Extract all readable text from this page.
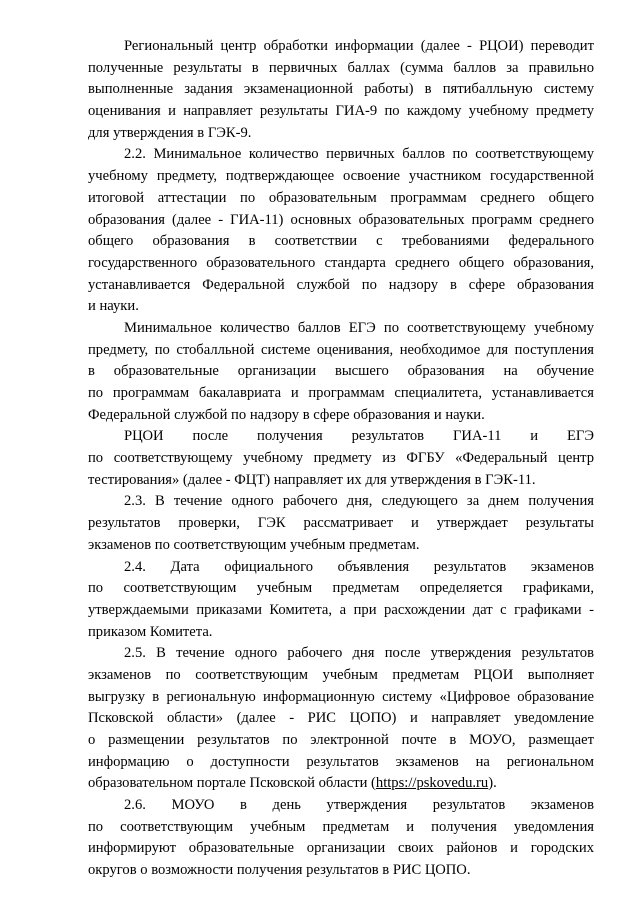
Региональный центр обработки информации (далее - РЦОИ) переводит
полученные результаты в первичных баллах (сумма баллов за правильно
выполненные задания экзаменационной работы) в пятибалльную систему
оценивания и направляет результаты ГИА-9 по каждому учебному предмету
для утверждения в ГЭК-9.
2.2. Минимальное количество первичных баллов по соответствующему
учебному предмету, подтверждающее освоение участником государственной
итоговой аттестации по образовательным программам среднего общего
образования (далее - ГИА-11) основных образовательных программ среднего
общего образования в соответствии с требованиями федерального
государственного образовательного стандарта среднего общего образования,
устанавливается Федеральной службой по надзору в сфере образования
и науки.
Минимальное количество баллов ЕГЭ по соответствующему учебному
предмету, по стобалльной системе оценивания, необходимое для поступления
в образовательные организации высшего образования на обучение
по программам бакалавриата и программам специалитета, устанавливается
Федеральной службой по надзору в сфере образования и науки.
РЦОИ после получения результатов ГИА-11 и ЕГЭ
по соответствующему учебному предмету из ФГБУ «Федеральный центр
тестирования» (далее - ФЦТ) направляет их для утверждения в ГЭК-11.
2.3. В течение одного рабочего дня, следующего за днем получения
результатов проверки, ГЭК рассматривает и утверждает результаты
экзаменов по соответствующим учебным предметам.
2.4. Дата официального объявления результатов экзаменов
по соответствующим учебным предметам определяется графиками,
утверждаемыми приказами Комитета, а при расхождении дат с графиками -
приказом Комитета.
2.5. В течение одного рабочего дня после утверждения результатов
экзаменов по соответствующим учебным предметам РЦОИ выполняет
выгрузку в региональную информационную систему «Цифровое образование
Псковской области» (далее - РИС ЦОПО) и направляет уведомление
о размещении результатов по электронной почте в МОУО, размещает
информацию о доступности результатов экзаменов на региональном
образовательном портале Псковской области (https://pskovedu.ru).
2.6. МОУО в день утверждения результатов экзаменов
по соответствующим учебным предметам и получения уведомления
информируют образовательные организации своих районов и городских
округов о возможности получения результатов в РИС ЦОПО.
